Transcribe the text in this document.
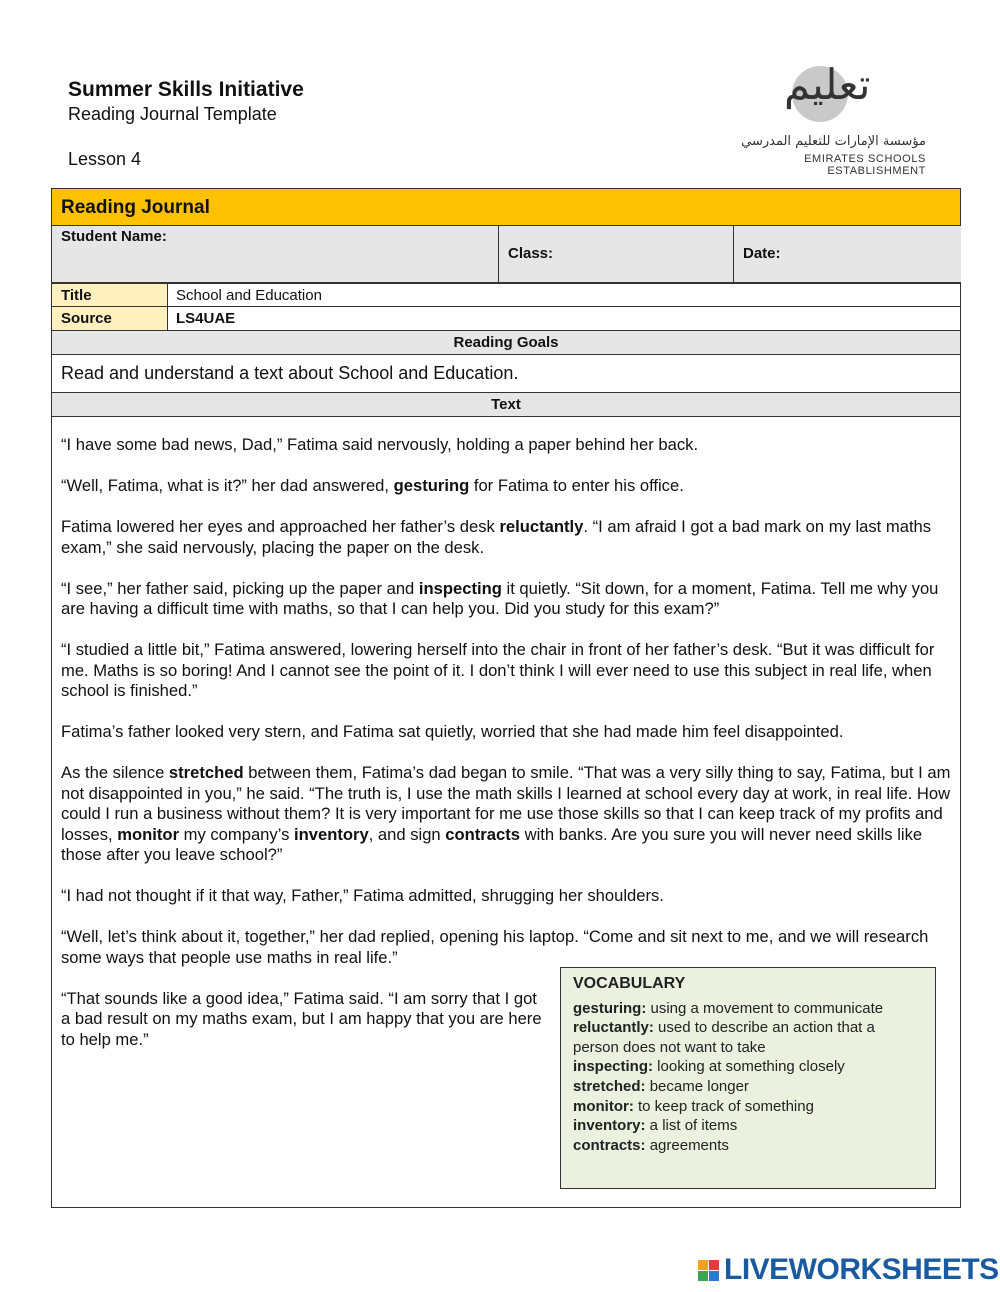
Summer Skills Initiative
Reading Journal Template
Lesson 4
تعليم
مؤسسة الإمارات للتعليم المدرسي
EMIRATES SCHOOLS ESTABLISHMENT
Reading Journal
Student Name:
Class:	Date:
Title	School and Education
Source	LS4UAE
Reading Goals
Read and understand a text about School and Education.
Text

“I have some bad news, Dad,” Fatima said nervously, holding a paper behind her back.

“Well, Fatima, what is it?” her dad answered, gesturing for Fatima to enter his office.

Fatima lowered her eyes and approached her father’s desk reluctantly. “I am afraid I got a bad mark on my last maths exam,” she said nervously, placing the paper on the desk.

“I see,” her father said, picking up the paper and inspecting it quietly. “Sit down, for a moment, Fatima. Tell me why you are having a difficult time with maths, so that I can help you. Did you study for this exam?”

“I studied a little bit,” Fatima answered, lowering herself into the chair in front of her father’s desk. “But it was difficult for me. Maths is so boring! And I cannot see the point of it. I don’t think I will ever need to use this subject in real life, when school is finished.”

Fatima’s father looked very stern, and Fatima sat quietly, worried that she had made him feel disappointed.

As the silence stretched between them, Fatima’s dad began to smile. “That was a very silly thing to say, Fatima, but I am not disappointed in you,” he said. “The truth is, I use the math skills I learned at school every day at work, in real life. How could I run a business without them? It is very important for me use those skills so that I can keep track of my profits and losses, monitor my company’s inventory, and sign contracts with banks. Are you sure you will never need skills like those after you leave school?”

“I had not thought if it that way, Father,” Fatima admitted, shrugging her shoulders.

“Well, let’s think about it, together,” her dad replied, opening his laptop. “Come and sit next to me, and we will research some ways that people use maths in real life.”

“That sounds like a good idea,” Fatima said. “I am sorry that I got a bad result on my maths exam, but I am happy that you are here to help me.”

VOCABULARY
gesturing: using a movement to communicate
reluctantly: used to describe an action that a person does not want to take
inspecting: looking at something closely
stretched: became longer
monitor: to keep track of something
inventory: a list of items
contracts: agreements
LIVEWORKSHEETS
